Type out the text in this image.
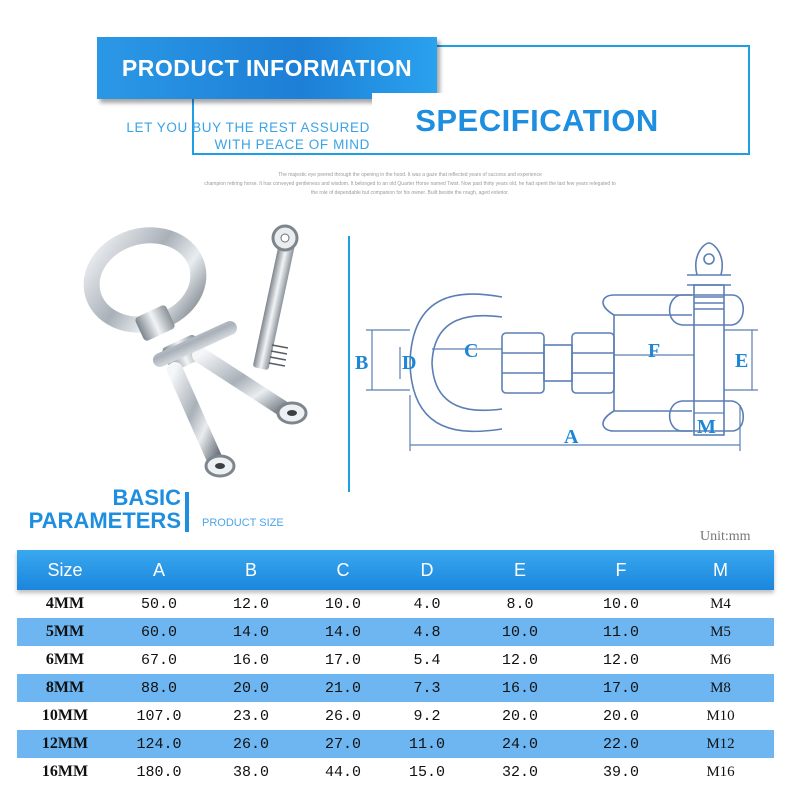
PRODUCT INFORMATION
SPECIFICATION
LET YOU BUY THE REST ASSURED
WITH PEACE OF MIND
The majestic eye peered through the opening in the hood. It was a gaze that reflected years of success and experience
champion retiring horse. It has conveyed gentleness and wisdom. It belonged to an old Quarter Horse named Twist. Now past thirty years old, he had spent the last few years relegated to
the role of dependable but companion for his owner. Built beside the rough, aged exterior.
B D
C	F	E
A	M
BASIC
PARAMETERS PRODUCT SIZE
Unit:mm
Size	A	B	C	D	E	F	M
4MM	50.0	12.0	10.0	4.0	8.0	10.0	M4
5MM	60.0	14.0	14.0	4.8	10.0	11.0	M5
6MM	67.0	16.0	17.0	5.4	12.0	12.0	M6
8MM	88.0	20.0	21.0	7.3	16.0	17.0	M8
10MM	107.0	23.0	26.0	9.2	20.0	20.0	M10
12MM	124.0	26.0	27.0	11.0	24.0	22.0	M12
16MM	180.0	38.0	44.0	15.0	32.0	39.0	M16
